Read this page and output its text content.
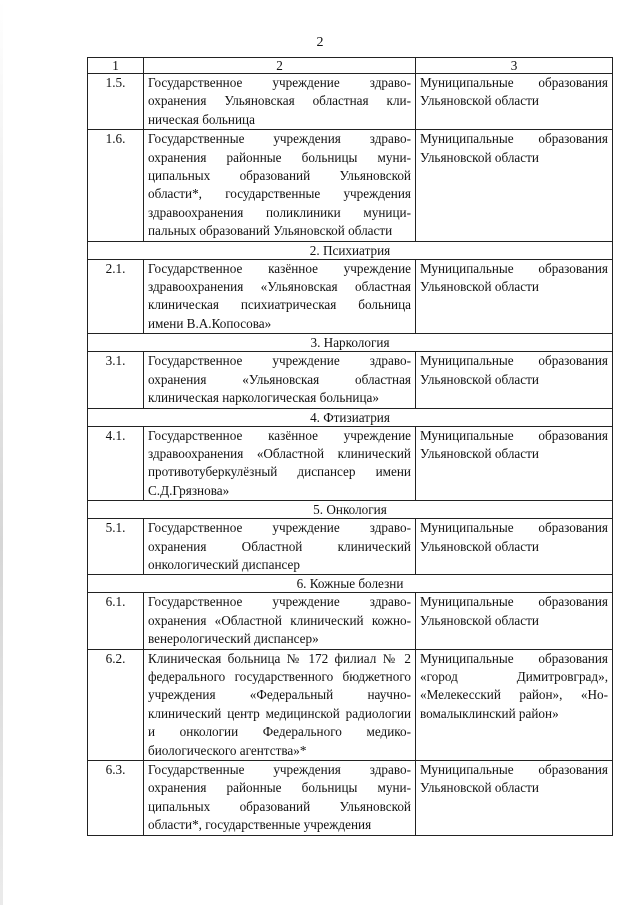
2
1	2	3
1.5.	Государственное учреждение здравоохранения Ульяновская областная клиническая больница	Муниципальные образования Ульяновской области
1.6.	Государственные учреждения здравоохранения районные больницы муниципальных образований Ульяновской области*, государственные учреждения здравоохранения поликлиники муниципальных образований Ульяновской области	Муниципальные образования Ульяновской области
2. Психиатрия		
2.1.	Государственное казённое учреждение здравоохранения «Ульяновская областная клиническая психиатрическая больница имени В.А.Копосова»	Муниципальные образования Ульяновской области
3. Наркология		
3.1.	Государственное учреждение здравоохранения «Ульяновская областная клиническая наркологическая больница»	Муниципальные образования Ульяновской области
4. Фтизиатрия		
4.1.	Государственное казённое учреждение здравоохранения «Областной клинический противотуберкулёзный диспансер имени С.Д.Грязнова»	Муниципальные образования Ульяновской области
5. Онкология		
5.1.	Государственное учреждение здравоохранения Областной клинический онкологический диспансер	Муниципальные образования Ульяновской области
6. Кожные болезни		
6.1.	Государственное учреждение здравоохранения «Областной клинический кожно-венерологический диспансер»	Муниципальные образования Ульяновской области
6.2.	Клиническая больница № 172 филиал № 2 федерального государственного бюджетного учреждения «Федеральный научно-клинический центр медицинской радиологии и онкологии Федерального медико-биологического агентства»*	Муниципальные образования «город Димитровград», «Мелекесский район», «Новомалыклинский район»
6.3.	Государственные учреждения здравоохранения районные больницы муниципальных образований Ульяновской области*, государственные учреждения	Муниципальные образования Ульяновской области
